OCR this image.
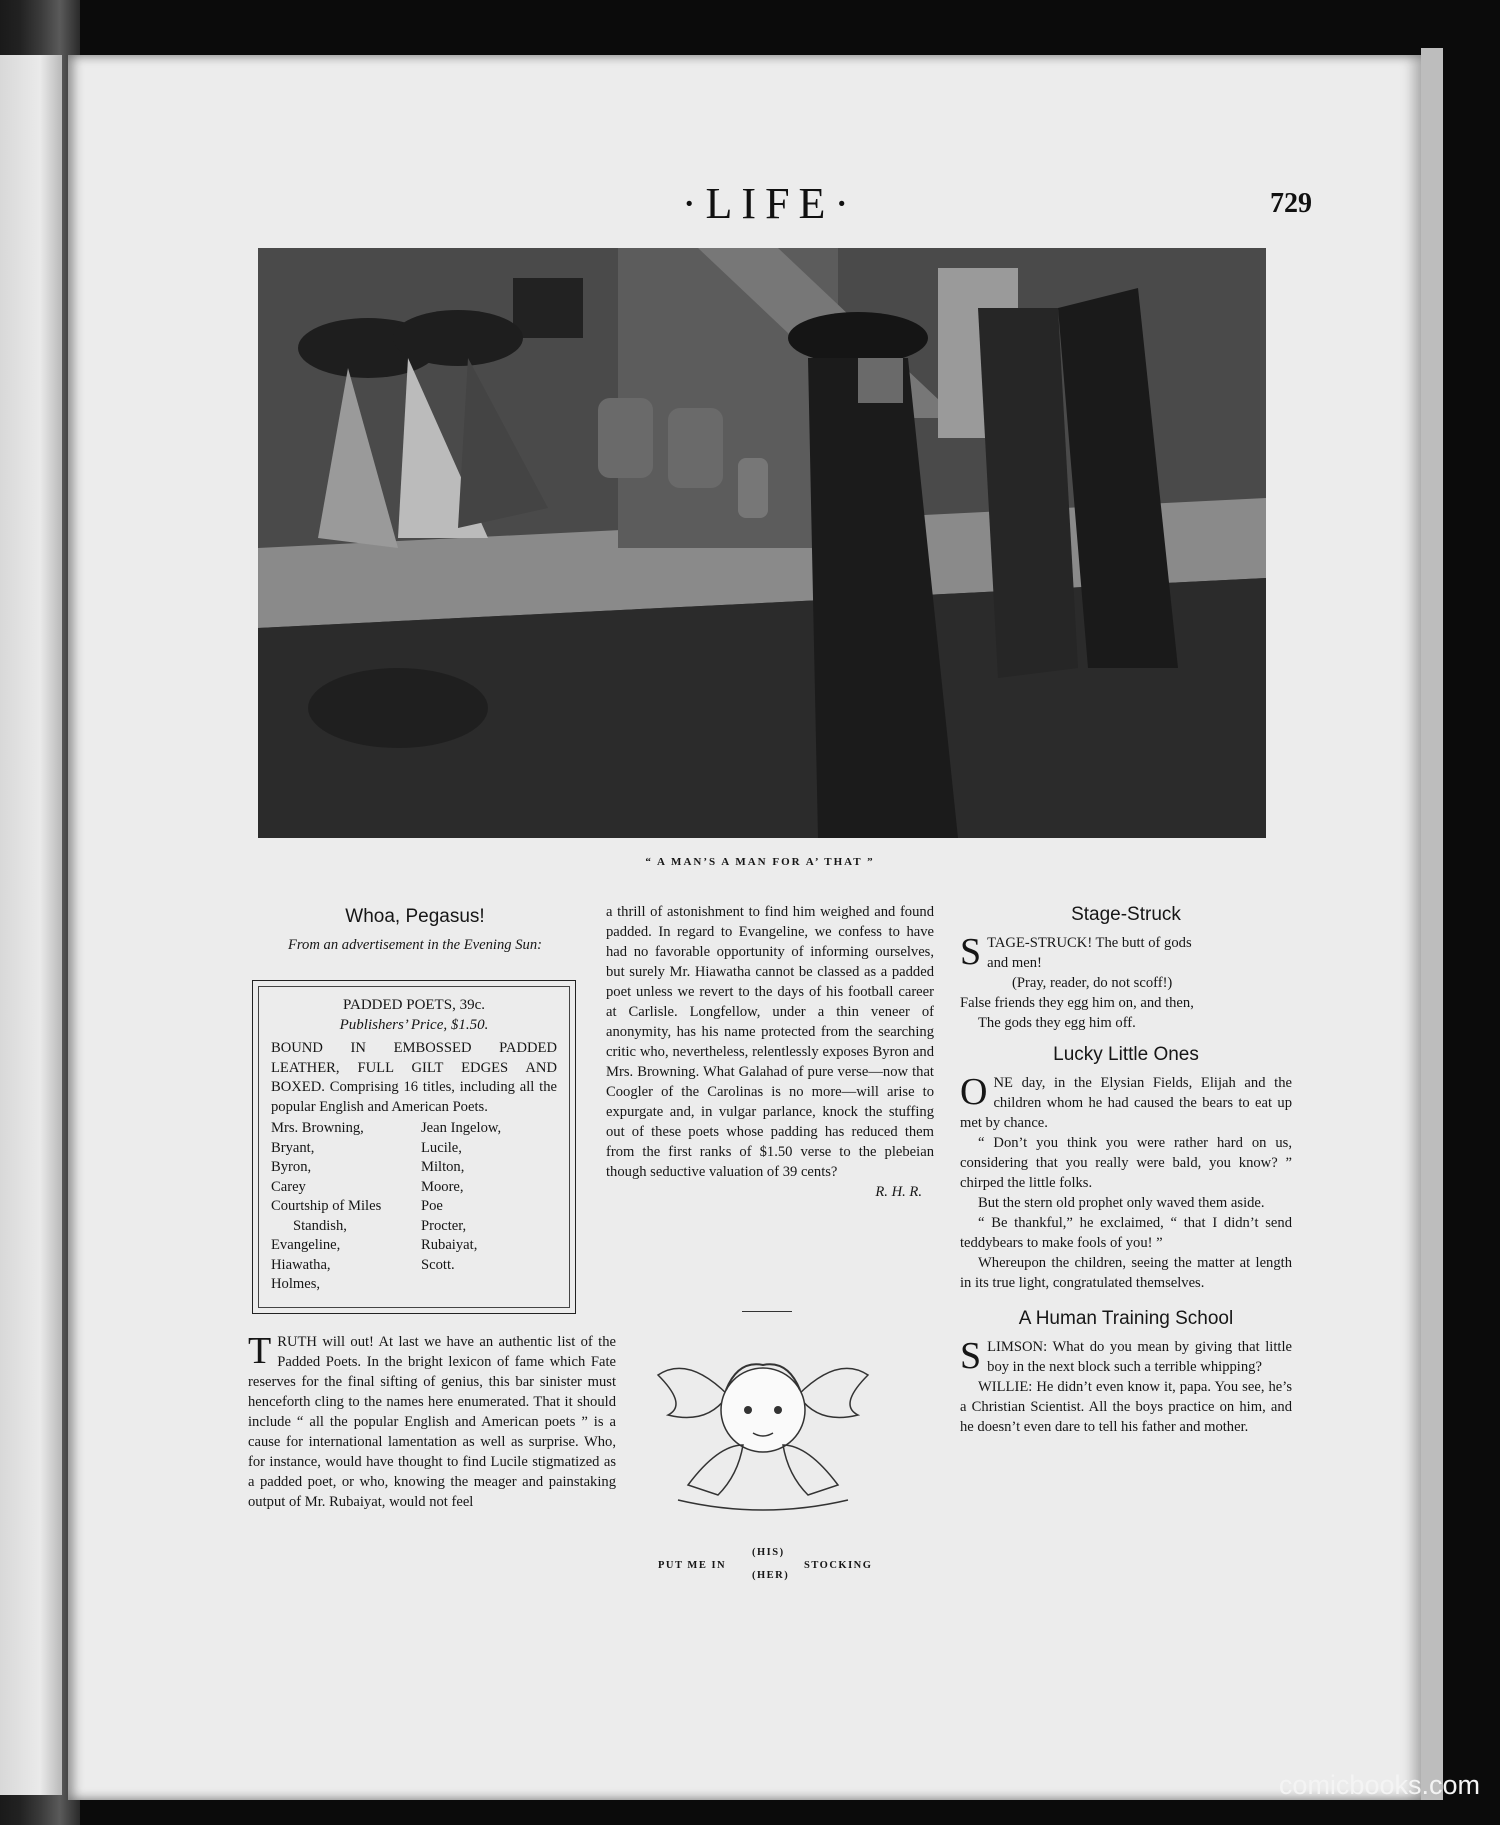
·LIFE·	729
“ A MAN’S A MAN FOR A’ THAT ”
Whoa, Pegasus!
From an advertisement in the Evening Sun:
PADDED POETS, 39c.
Publishers’ Price, $1.50.
BOUND IN EMBOSSED PADDED LEATHER, FULL GILT EDGES AND BOXED. Comprising 16 titles, including all the popular English and American Poets.
Mrs. Browning,	Jean Ingelow,
Bryant,	Lucile,
Byron,	Milton,
Carey	Moore,
Courtship of Miles	Poe
Standish,	Procter,
Evangeline,	Rubaiyat,
Hiawatha,	Scott.
Holmes,
T RUTH will out! At last we have an authentic list of the Padded Poets. In the bright lexicon of fame which Fate reserves for the final sifting of genius, this bar sinister must henceforth cling to the names here enumerated. That it should include “ all the popular English and American poets ” is a cause for international lamentation as well as surprise. Who, for instance, would have thought to find Lucile stigmatized as a padded poet, or who, knowing the meager and painstaking output of Mr. Rubaiyat, would not feel

a thrill of astonishment to find him weighed and found padded. In regard to Evangeline, we confess to have had no favorable opportunity of informing ourselves, but surely Mr. Hiawatha cannot be classed as a padded poet unless we revert to the days of his football career at Carlisle. Longfellow, under a thin veneer of anonymity, has his name protected from the searching critic who, nevertheless, relentlessly exposes Byron and Mrs. Browning. What Galahad of pure verse—now that Coogler of the Carolinas is no more—will arise to expurgate and, in vulgar parlance, knock the stuffing out of these poets whose padding has reduced them from the first ranks of $1.50 verse to the plebeian though seductive valuation of 39 cents?

R. H. R.

PUT ME IN
(HIS)
(HER)
STOCKING
Stage-Struck
S TAGE-STRUCK! The butt of gods
and men!
(Pray, reader, do not scoff!)
False friends they egg him on, and then,
The gods they egg him off.
Lucky Little Ones

ONE day, in the Elysian Fields, Elijah and the children whom he had caused the bears to eat up met by chance.

“ Don’t you think you were rather hard on us, considering that you really were bald, you know? ” chirped the little folks.

But the stern old prophet only waved them aside.

“ Be thankful,” he exclaimed, “ that I didn’t send teddybears to make fools of you! ”

Whereupon the children, seeing the matter at length in its true light, congratulated themselves.

A Human Training School

SLIMSON: What do you mean by giving that little boy in the next block such a terrible whipping?

WILLIE: He didn’t even know it, papa. You see, he’s a Christian Scientist. All the boys practice on him, and he doesn’t even dare to tell his father and mother.

comicbooks.com
